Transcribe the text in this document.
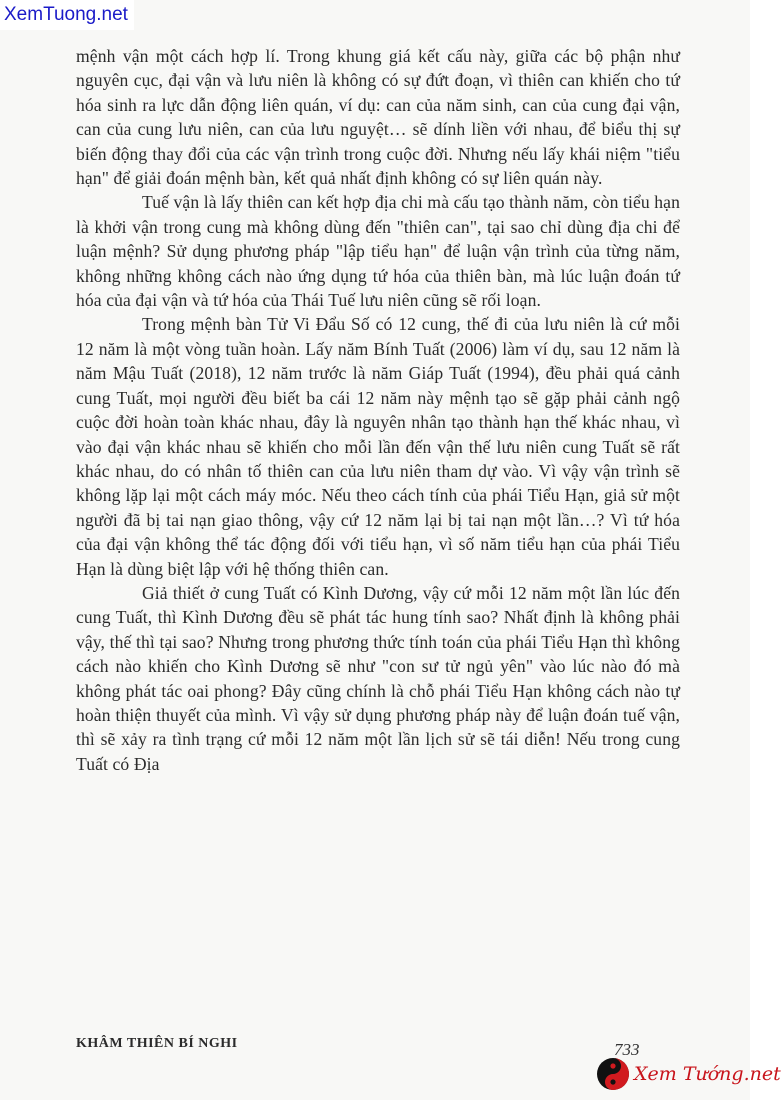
XemTuong.net

mệnh vận một cách hợp lí. Trong khung giá kết cấu này, giữa các bộ phận như nguyên cục, đại vận và lưu niên là không có sự đứt đoạn, vì thiên can khiến cho tứ hóa sinh ra lực dẫn động liên quán, ví dụ: can của năm sinh, can của cung đại vận, can của cung lưu niên, can của lưu nguyệt… sẽ dính liền với nhau, để biểu thị sự biến động thay đổi của các vận trình trong cuộc đời. Nhưng nếu lấy khái niệm "tiểu hạn" để giải đoán mệnh bàn, kết quả nhất định không có sự liên quán này.

Tuế vận là lấy thiên can kết hợp địa chi mà cấu tạo thành năm, còn tiểu hạn là khởi vận trong cung mà không dùng đến "thiên can", tại sao chỉ dùng địa chi để luận mệnh? Sử dụng phương pháp "lập tiểu hạn" để luận vận trình của từng năm, không những không cách nào ứng dụng tứ hóa của thiên bàn, mà lúc luận đoán tứ hóa của đại vận và tứ hóa của Thái Tuế lưu niên cũng sẽ rối loạn.

Trong mệnh bàn Tử Vi Đẩu Số có 12 cung, thế đi của lưu niên là cứ mỗi 12 năm là một vòng tuần hoàn. Lấy năm Bính Tuất (2006) làm ví dụ, sau 12 năm là năm Mậu Tuất (2018), 12 năm trước là năm Giáp Tuất (1994), đều phải quá cảnh cung Tuất, mọi người đều biết ba cái 12 năm này mệnh tạo sẽ gặp phải cảnh ngộ cuộc đời hoàn toàn khác nhau, đây là nguyên nhân tạo thành hạn thế khác nhau, vì vào đại vận khác nhau sẽ khiến cho mỗi lần đến vận thế lưu niên cung Tuất sẽ rất khác nhau, do có nhân tố thiên can của lưu niên tham dự vào. Vì vậy vận trình sẽ không lặp lại một cách máy móc. Nếu theo cách tính của phái Tiểu Hạn, giả sử một người đã bị tai nạn giao thông, vậy cứ 12 năm lại bị tai nạn một lần…? Vì tứ hóa của đại vận không thể tác động đối với tiểu hạn, vì số năm tiểu hạn của phái Tiểu Hạn là dùng biệt lập với hệ thống thiên can.

Giả thiết ở cung Tuất có Kình Dương, vậy cứ mỗi 12 năm một lần lúc đến cung Tuất, thì Kình Dương đều sẽ phát tác hung tính sao? Nhất định là không phải vậy, thế thì tại sao? Nhưng trong phương thức tính toán của phái Tiểu Hạn thì không cách nào khiến cho Kình Dương sẽ như "con sư tử ngủ yên" vào lúc nào đó mà không phát tác oai phong? Đây cũng chính là chỗ phái Tiểu Hạn không cách nào tự hoàn thiện thuyết của mình. Vì vậy sử dụng phương pháp này để luận đoán tuế vận, thì sẽ xảy ra tình trạng cứ mỗi 12 năm một lần lịch sử sẽ tái diễn! Nếu trong cung Tuất có Địa

KHÂM THIÊN BÍ NGHI	733
Xem Tướng.net
